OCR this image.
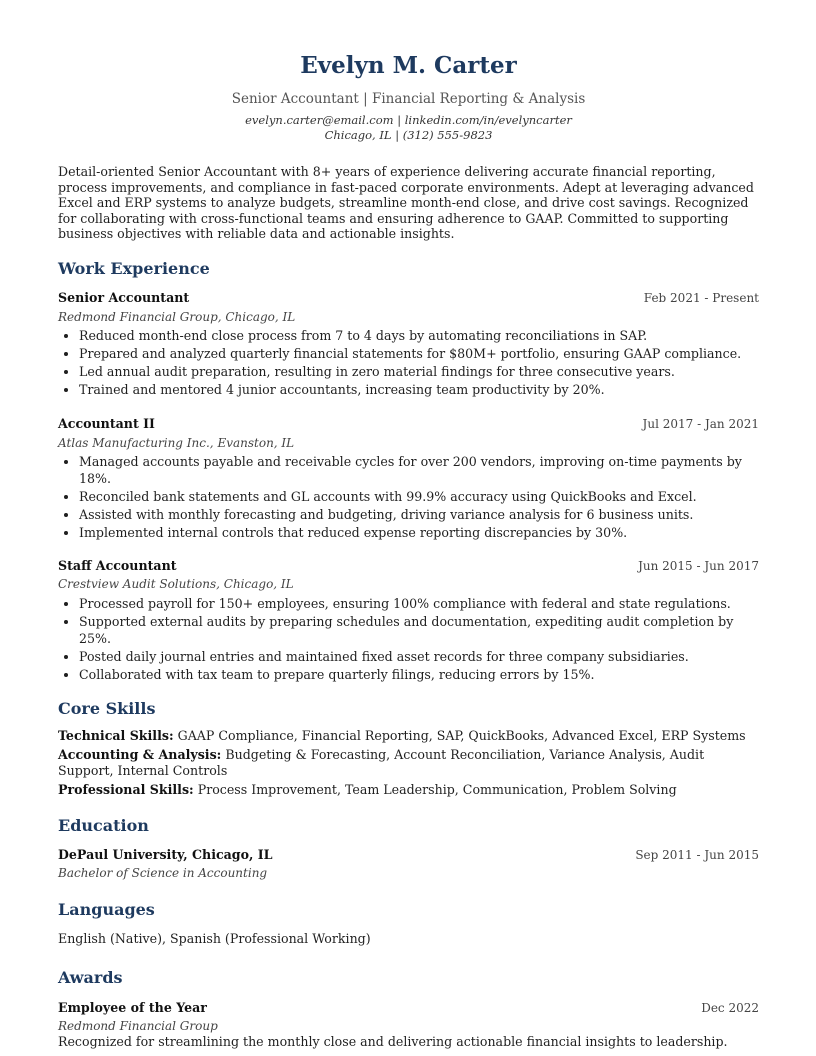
Evelyn M. Carter
Senior Accountant | Financial Reporting & Analysis
evelyn.carter@email.com | linkedin.com/in/evelyncarter
Chicago, IL | (312) 555-9823
Detail-oriented Senior Accountant with 8+ years of experience delivering accurate financial reporting, process improvements, and compliance in fast-paced corporate environments. Adept at leveraging advanced Excel and ERP systems to analyze budgets, streamline month-end close, and drive cost savings. Recognized for collaborating with cross-functional teams and ensuring adherence to GAAP. Committed to supporting business objectives with reliable data and actionable insights.
Work Experience
Senior Accountant	Feb 2021 - Present
Redmond Financial Group, Chicago, IL
• Reduced month-end close process from 7 to 4 days by automating reconciliations in SAP.
• Prepared and analyzed quarterly financial statements for $80M+ portfolio, ensuring GAAP compliance.
• Led annual audit preparation, resulting in zero material findings for three consecutive years.
• Trained and mentored 4 junior accountants, increasing team productivity by 20%.
Accountant II	Jul 2017 - Jan 2021
Atlas Manufacturing Inc., Evanston, IL
• Managed accounts payable and receivable cycles for over 200 vendors, improving on-time payments by 18%.
• Reconciled bank statements and GL accounts with 99.9% accuracy using QuickBooks and Excel.
• Assisted with monthly forecasting and budgeting, driving variance analysis for 6 business units.
• Implemented internal controls that reduced expense reporting discrepancies by 30%.
Staff Accountant	Jun 2015 - Jun 2017
Crestview Audit Solutions, Chicago, IL
• Processed payroll for 150+ employees, ensuring 100% compliance with federal and state regulations.
• Supported external audits by preparing schedules and documentation, expediting audit completion by 25%.
• Posted daily journal entries and maintained fixed asset records for three company subsidiaries.
• Collaborated with tax team to prepare quarterly filings, reducing errors by 15%.
Core Skills
Technical Skills: GAAP Compliance, Financial Reporting, SAP, QuickBooks, Advanced Excel, ERP Systems
Accounting & Analysis: Budgeting & Forecasting, Account Reconciliation, Variance Analysis, Audit Support, Internal Controls
Professional Skills: Process Improvement, Team Leadership, Communication, Problem Solving
Education
DePaul University, Chicago, IL	Sep 2011 - Jun 2015
Bachelor of Science in Accounting
Languages
English (Native), Spanish (Professional Working)
Awards
Employee of the Year	Dec 2022
Redmond Financial Group
Recognized for streamlining the monthly close and delivering actionable financial insights to leadership.
